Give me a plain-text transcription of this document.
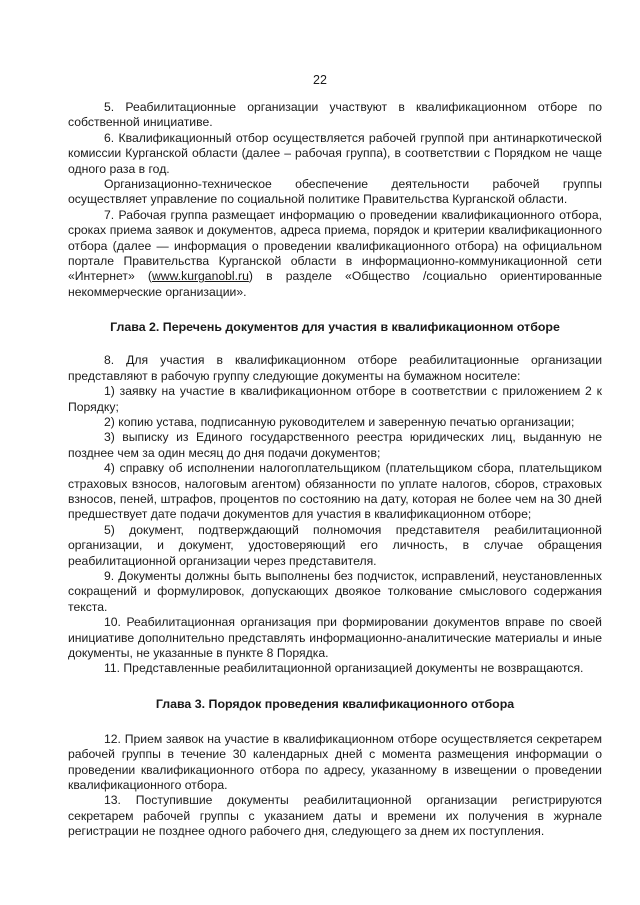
22

5. Реабилитационные организации участвуют в квалификационном отборе по собственной инициативе.

6. Квалификационный отбор осуществляется рабочей группой при антинаркотической комиссии Курганской области (далее – рабочая группа), в соответствии с Порядком не чаще одного раза в год.

Организационно-техническое обеспечение деятельности рабочей группы осуществляет управление по социальной политике Правительства Курганской области.

7. Рабочая группа размещает информацию о проведении квалификационного отбора, сроках приема заявок и документов, адреса приема, порядок и критерии квалификационного отбора (далее — информация о проведении квалификационного отбора) на официальном портале Правительства Курганской области в информационно-коммуникационной сети «Интернет» (www.kurganobl.ru) в разделе «Общество /социально ориентированные некоммерческие организации».

Глава 2. Перечень документов для участия в квалификационном отборе

8. Для участия в квалификационном отборе реабилитационные организации представляют в рабочую группу следующие документы на бумажном носителе:

1) заявку на участие в квалификационном отборе в соответствии с приложением 2 к Порядку;

2) копию устава, подписанную руководителем и заверенную печатью организации;

3) выписку из Единого государственного реестра юридических лиц, выданную не позднее чем за один месяц до дня подачи документов;

4) справку об исполнении налогоплательщиком (плательщиком сбора, плательщиком страховых взносов, налоговым агентом) обязанности по уплате налогов, сборов, страховых взносов, пеней, штрафов, процентов по состоянию на дату, которая не более чем на 30 дней предшествует дате подачи документов для участия в квалификационном отборе;

5) документ, подтверждающий полномочия представителя реабилитационной организации, и документ, удостоверяющий его личность, в случае обращения реабилитационной организации через представителя.

9. Документы должны быть выполнены без подчисток, исправлений, неустановленных сокращений и формулировок, допускающих двоякое толкование смыслового содержания текста.

10. Реабилитационная организация при формировании документов вправе по своей инициативе дополнительно представлять информационно-аналитические материалы и иные документы, не указанные в пункте 8 Порядка.

11. Представленные реабилитационной организацией документы не возвращаются.

Глава 3. Порядок проведения квалификационного отбора

12. Прием заявок на участие в квалификационном отборе осуществляется секретарем рабочей группы в течение 30 календарных дней с момента размещения информации о проведении квалификационного отбора по адресу, указанному в извещении о проведении квалификационного отбора.

13. Поступившие документы реабилитационной организации регистрируются секретарем рабочей группы с указанием даты и времени их получения в журнале регистрации не позднее одного рабочего дня, следующего за днем их поступления.
